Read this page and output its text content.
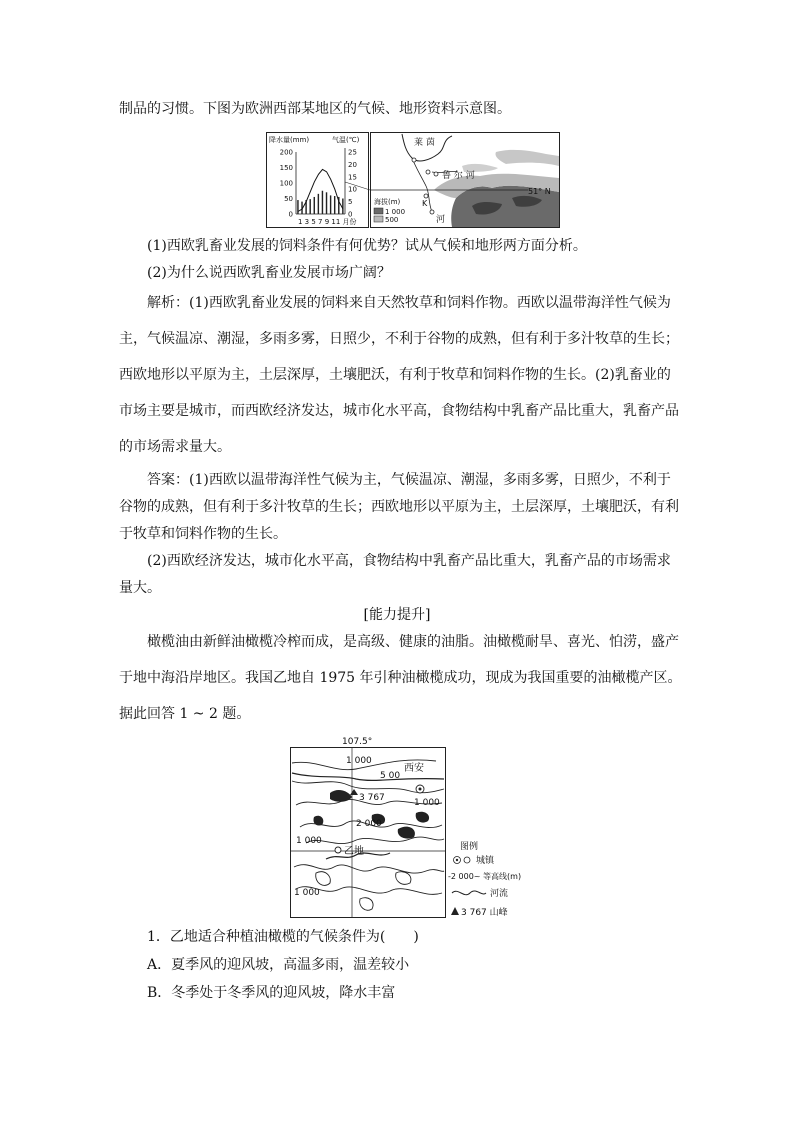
制品的习惯。下图为欧洲西部某地区的气候、地形资料示意图。
降水量(mm)	气温(℃)
200
150
100
50
0
25
20
15
10
5
0
1 3 5 7 9 11 月份
莱 茵
鲁 尔 河
51° N
K
河
海拔(m)
1 000
500
(1)西欧乳畜业发展的饲料条件有何优势？试从气候和地形两方面分析。
(2)为什么说西欧乳畜业发展市场广阔？
解析：(1)西欧乳畜业发展的饲料来自天然牧草和饲料作物。西欧以温带海洋性气候为
主，气候温凉、潮湿，多雨多雾，日照少，不利于谷物的成熟，但有利于多汁牧草的生长；
西欧地形以平原为主，土层深厚，土壤肥沃，有利于牧草和饲料作物的生长。(2)乳畜业的
市场主要是城市，而西欧经济发达，城市化水平高，食物结构中乳畜产品比重大，乳畜产品
的市场需求量大。
答案：(1)西欧以温带海洋性气候为主，气候温凉、潮湿，多雨多雾，日照少，不利于
谷物的成熟，但有利于多汁牧草的生长；西欧地形以平原为主，土层深厚，土壤肥沃，有利
于牧草和饲料作物的生长。
(2)西欧经济发达，城市化水平高，食物结构中乳畜产品比重大，乳畜产品的市场需求
量大。
[能力提升]
橄榄油由新鲜油橄榄冷榨而成，是高级、健康的油脂。油橄榄耐旱、喜光、怕涝，盛产
于地中海沿岸地区。我国乙地自 1975 年引种油橄榄成功，现成为我国重要的油橄榄产区。
据此回答 1 ~ 2 题。
107.5°
1 000
5 00
西安
1 000
3 767
2 000
1 000
乙地
1 000
图例
城镇
-2 000~ 等高线(m)
河流
3 767 山峰
1．乙地适合种植油橄榄的气候条件为(　　)
A．夏季风的迎风坡，高温多雨，温差较小
B．冬季处于冬季风的迎风坡，降水丰富
